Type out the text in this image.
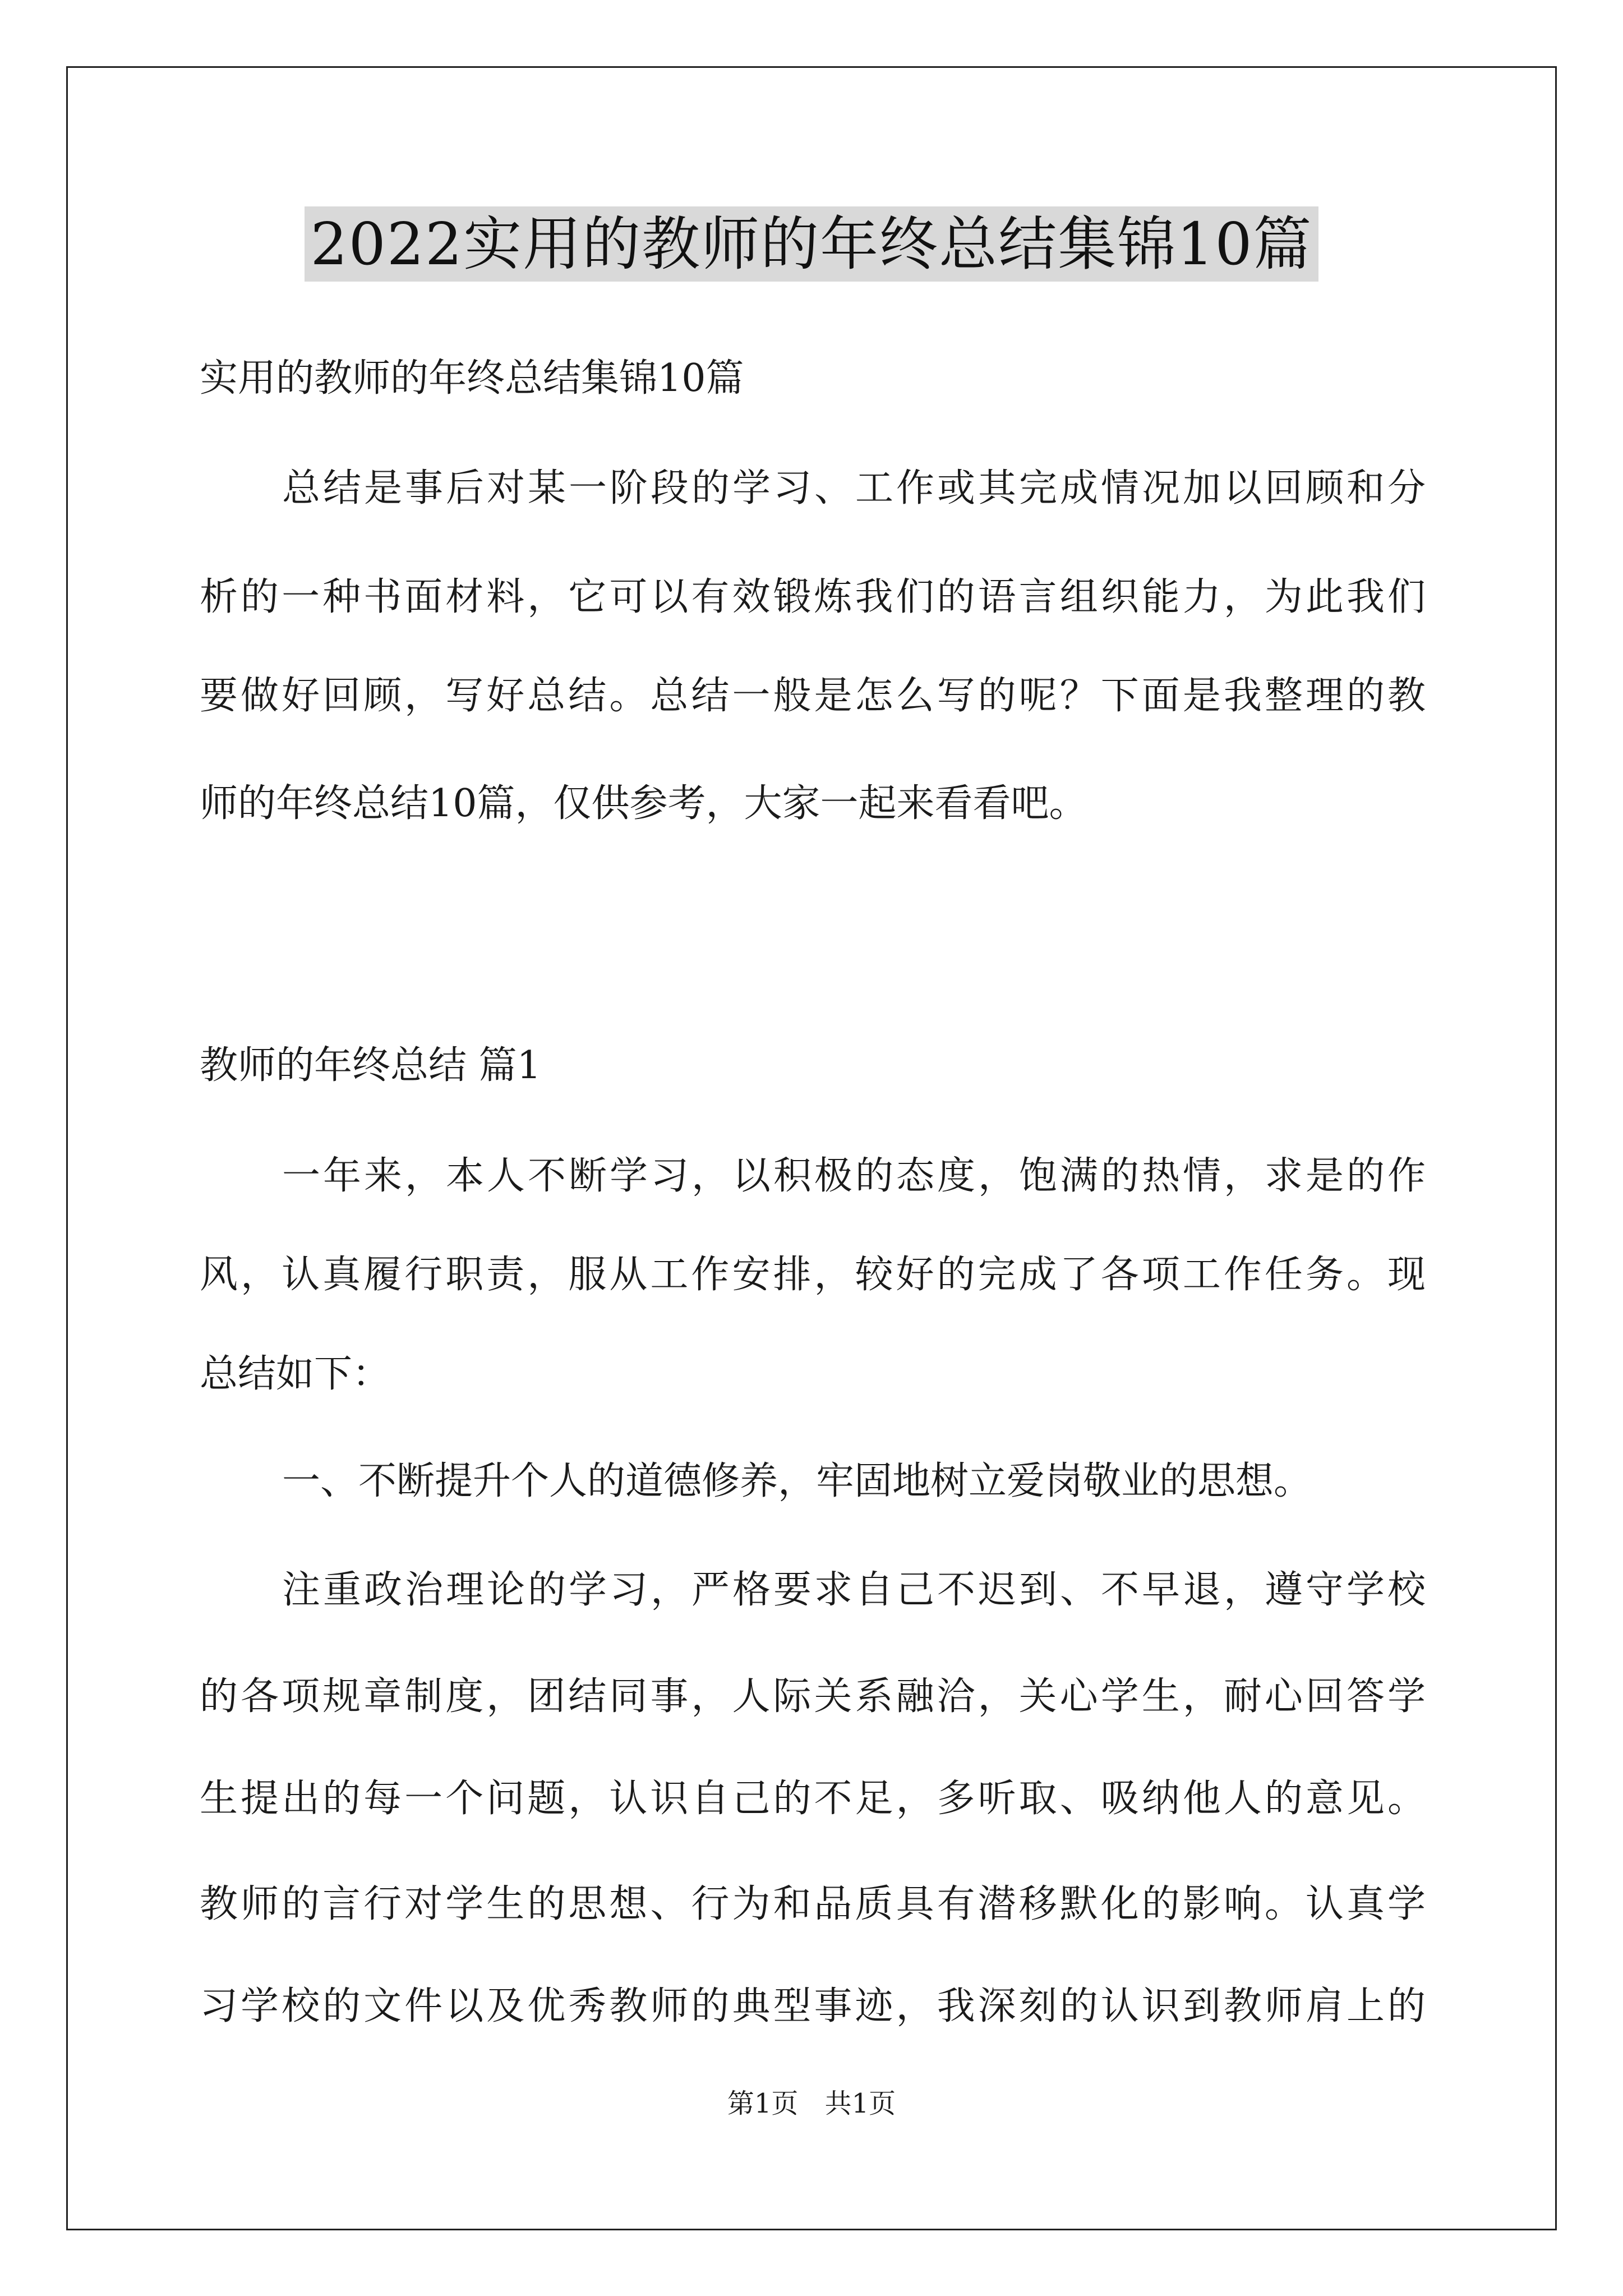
2022实用的教师的年终总结集锦10篇
实用的教师的年终总结集锦10篇
总结是事后对某一阶段的学习、工作或其完成情况加以回顾和分
析的一种书面材料，它可以有效锻炼我们的语言组织能力，为此我们
要做好回顾，写好总结。总结一般是怎么写的呢？下面是我整理的教
师的年终总结10篇，仅供参考，大家一起来看看吧。
教师的年终总结 篇1
一年来，本人不断学习，以积极的态度，饱满的热情，求是的作
风，认真履行职责，服从工作安排，较好的完成了各项工作任务。现
总结如下：
一、不断提升个人的道德修养，牢固地树立爱岗敬业的思想。
注重政治理论的学习，严格要求自己不迟到、不早退，遵守学校
的各项规章制度，团结同事，人际关系融洽，关心学生，耐心回答学
生提出的每一个问题，认识自己的不足，多听取、吸纳他人的意见。
教师的言行对学生的思想、行为和品质具有潜移默化的影响。认真学
习学校的文件以及优秀教师的典型事迹，我深刻的认识到教师肩上的
第1页 共1页
